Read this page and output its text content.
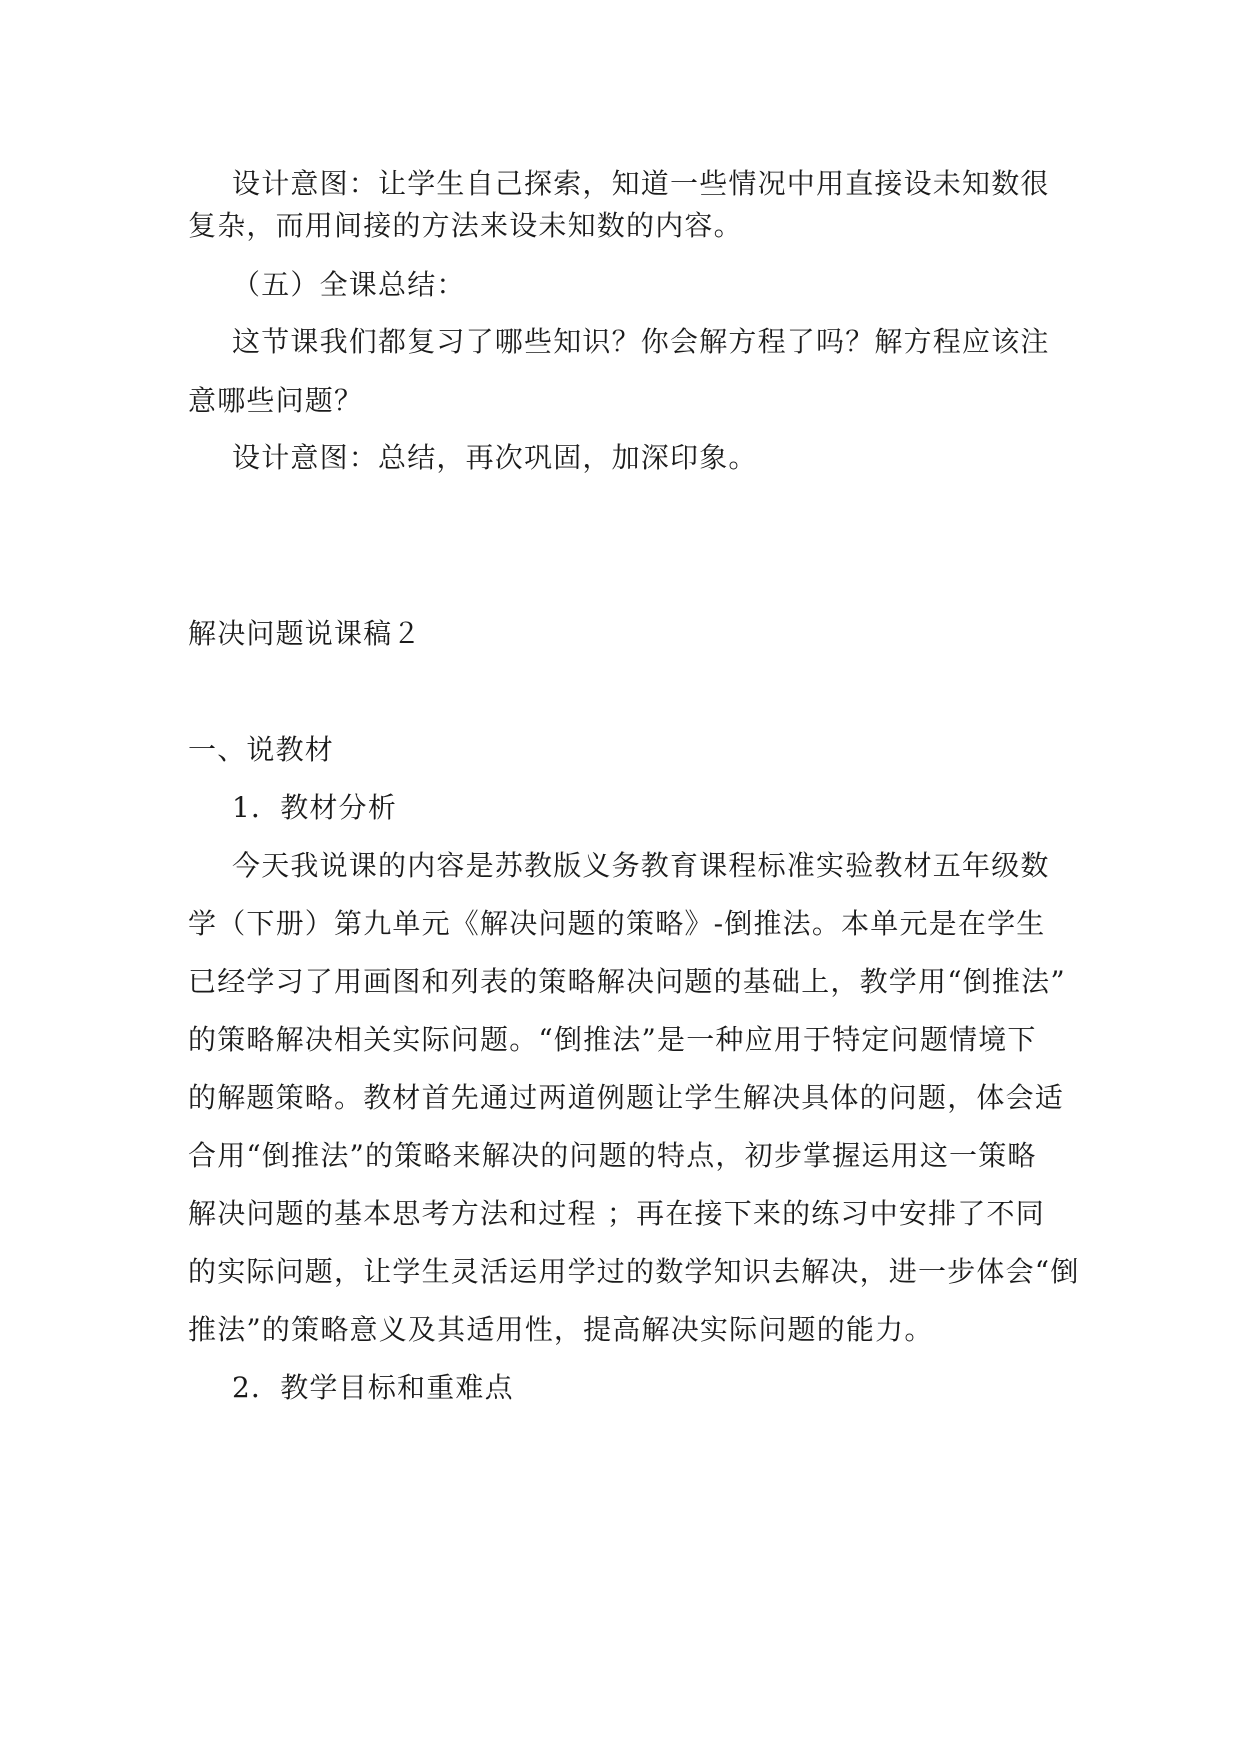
设计意图：让学生自己探索，知道一些情况中用直接设未知数很
复杂，而用间接的方法来设未知数的内容。
（五）全课总结：
这节课我们都复习了哪些知识？你会解方程了吗？解方程应该注
意哪些问题？
设计意图：总结，再次巩固，加深印象。
解决问题说课稿２
一、说教材
1．教材分析
今天我说课的内容是苏教版义务教育课程标准实验教材五年级数
学（下册）第九单元《解决问题的策略》-倒推法。本单元是在学生
已经学习了用画图和列表的策略解决问题的基础上，教学用“倒推法”
的策略解决相关实际问题。“倒推法”是一种应用于特定问题情境下
的解题策略。教材首先通过两道例题让学生解决具体的问题，体会适
合用“倒推法”的策略来解决的问题的特点，初步掌握运用这一策略
解决问题的基本思考方法和过程 ；再在接下来的练习中安排了不同
的实际问题，让学生灵活运用学过的数学知识去解决，进一步体会“倒
推法”的策略意义及其适用性，提高解决实际问题的能力。
2．教学目标和重难点
